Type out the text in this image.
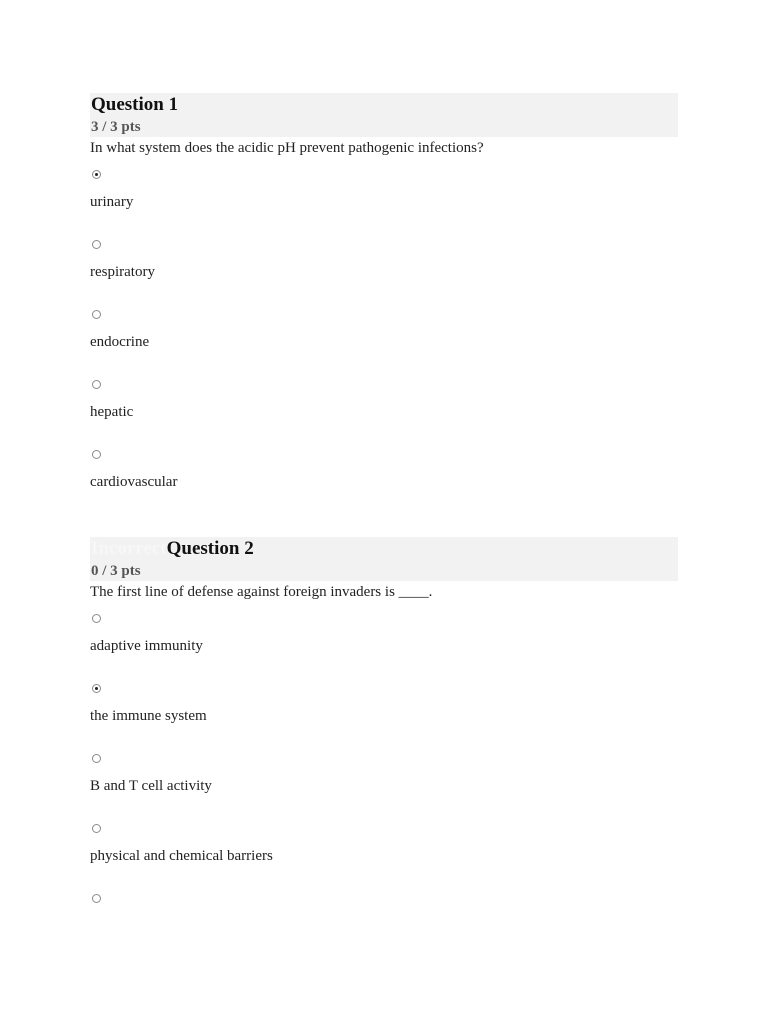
Question 1
3 / 3 pts
In what system does the acidic pH prevent pathogenic infections?
urinary
respiratory
endocrine
hepatic
cardiovascular
IncorrectQuestion 2
0 / 3 pts
The first line of defense against foreign invaders is ____.
adaptive immunity
the immune system
B and T cell activity
physical and chemical barriers
